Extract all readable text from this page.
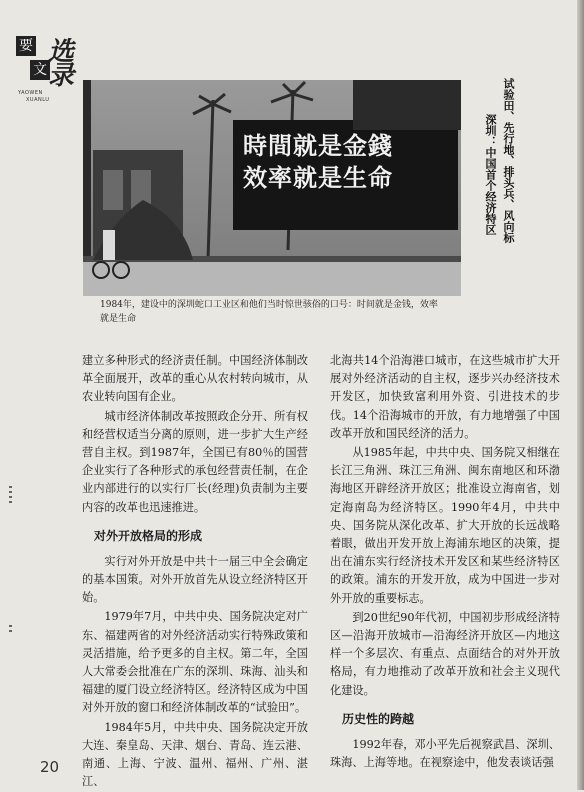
要
文
选录
YAOWEN
XUANLU
時間就是金錢
效率就是生命	试验田、先行地、排头兵、风向标
深圳：中国首个经济特区
1984年，建设中的深圳蛇口工业区和他们当时惊世骇俗的口号：时间就是金钱，效率就是生命

建立多种形式的经济责任制。中国经济体制改革全面展开，改革的重心从农村转向城市，从农业转向国有企业。

城市经济体制改革按照政企分开、所有权和经营权适当分离的原则，进一步扩大生产经营自主权。到1987年，全国已有80％的国营企业实行了各种形式的承包经营责任制，在企业内部进行的以实行厂长(经理)负责制为主要内容的改革也迅速推进。

对外开放格局的形成

实行对外开放是中共十一届三中全会确定的基本国策。对外开放首先从设立经济特区开始。

1979年7月，中共中央、国务院决定对广东、福建两省的对外经济活动实行特殊政策和灵活措施，给予更多的自主权。第二年，全国人大常委会批准在广东的深圳、珠海、汕头和福建的厦门设立经济特区。经济特区成为中国对外开放的窗口和经济体制改革的“试验田”。

1984年5月，中共中央、国务院决定开放大连、秦皇岛、天津、烟台、青岛、连云港、南通、上海、宁波、温州、福州、广州、湛江、

北海共14个沿海港口城市，在这些城市扩大开展对外经济活动的自主权，逐步兴办经济技术开发区，加快致富利用外资、引进技术的步伐。14个沿海城市的开放，有力地增强了中国改革开放和国民经济的活力。

从1985年起，中共中央、国务院又相继在长江三角洲、珠江三角洲、闽东南地区和环渤海地区开辟经济开放区；批准设立海南省，划定海南岛为经济特区。1990年4月，中共中央、国务院从深化改革、扩大开放的长远战略着眼，做出开发开放上海浦东地区的决策，提出在浦东实行经济技术开发区和某些经济特区的政策。浦东的开发开放，成为中国进一步对外开放的重要标志。

到20世纪90年代初，中国初步形成经济特区—沿海开放城市—沿海经济开放区—内地这样一个多层次、有重点、点面结合的对外开放格局，有力地推动了改革开放和社会主义现代化建设。

历史性的跨越

1992年春，邓小平先后视察武昌、深圳、珠海、上海等地。在视察途中，他发表谈话强

20
